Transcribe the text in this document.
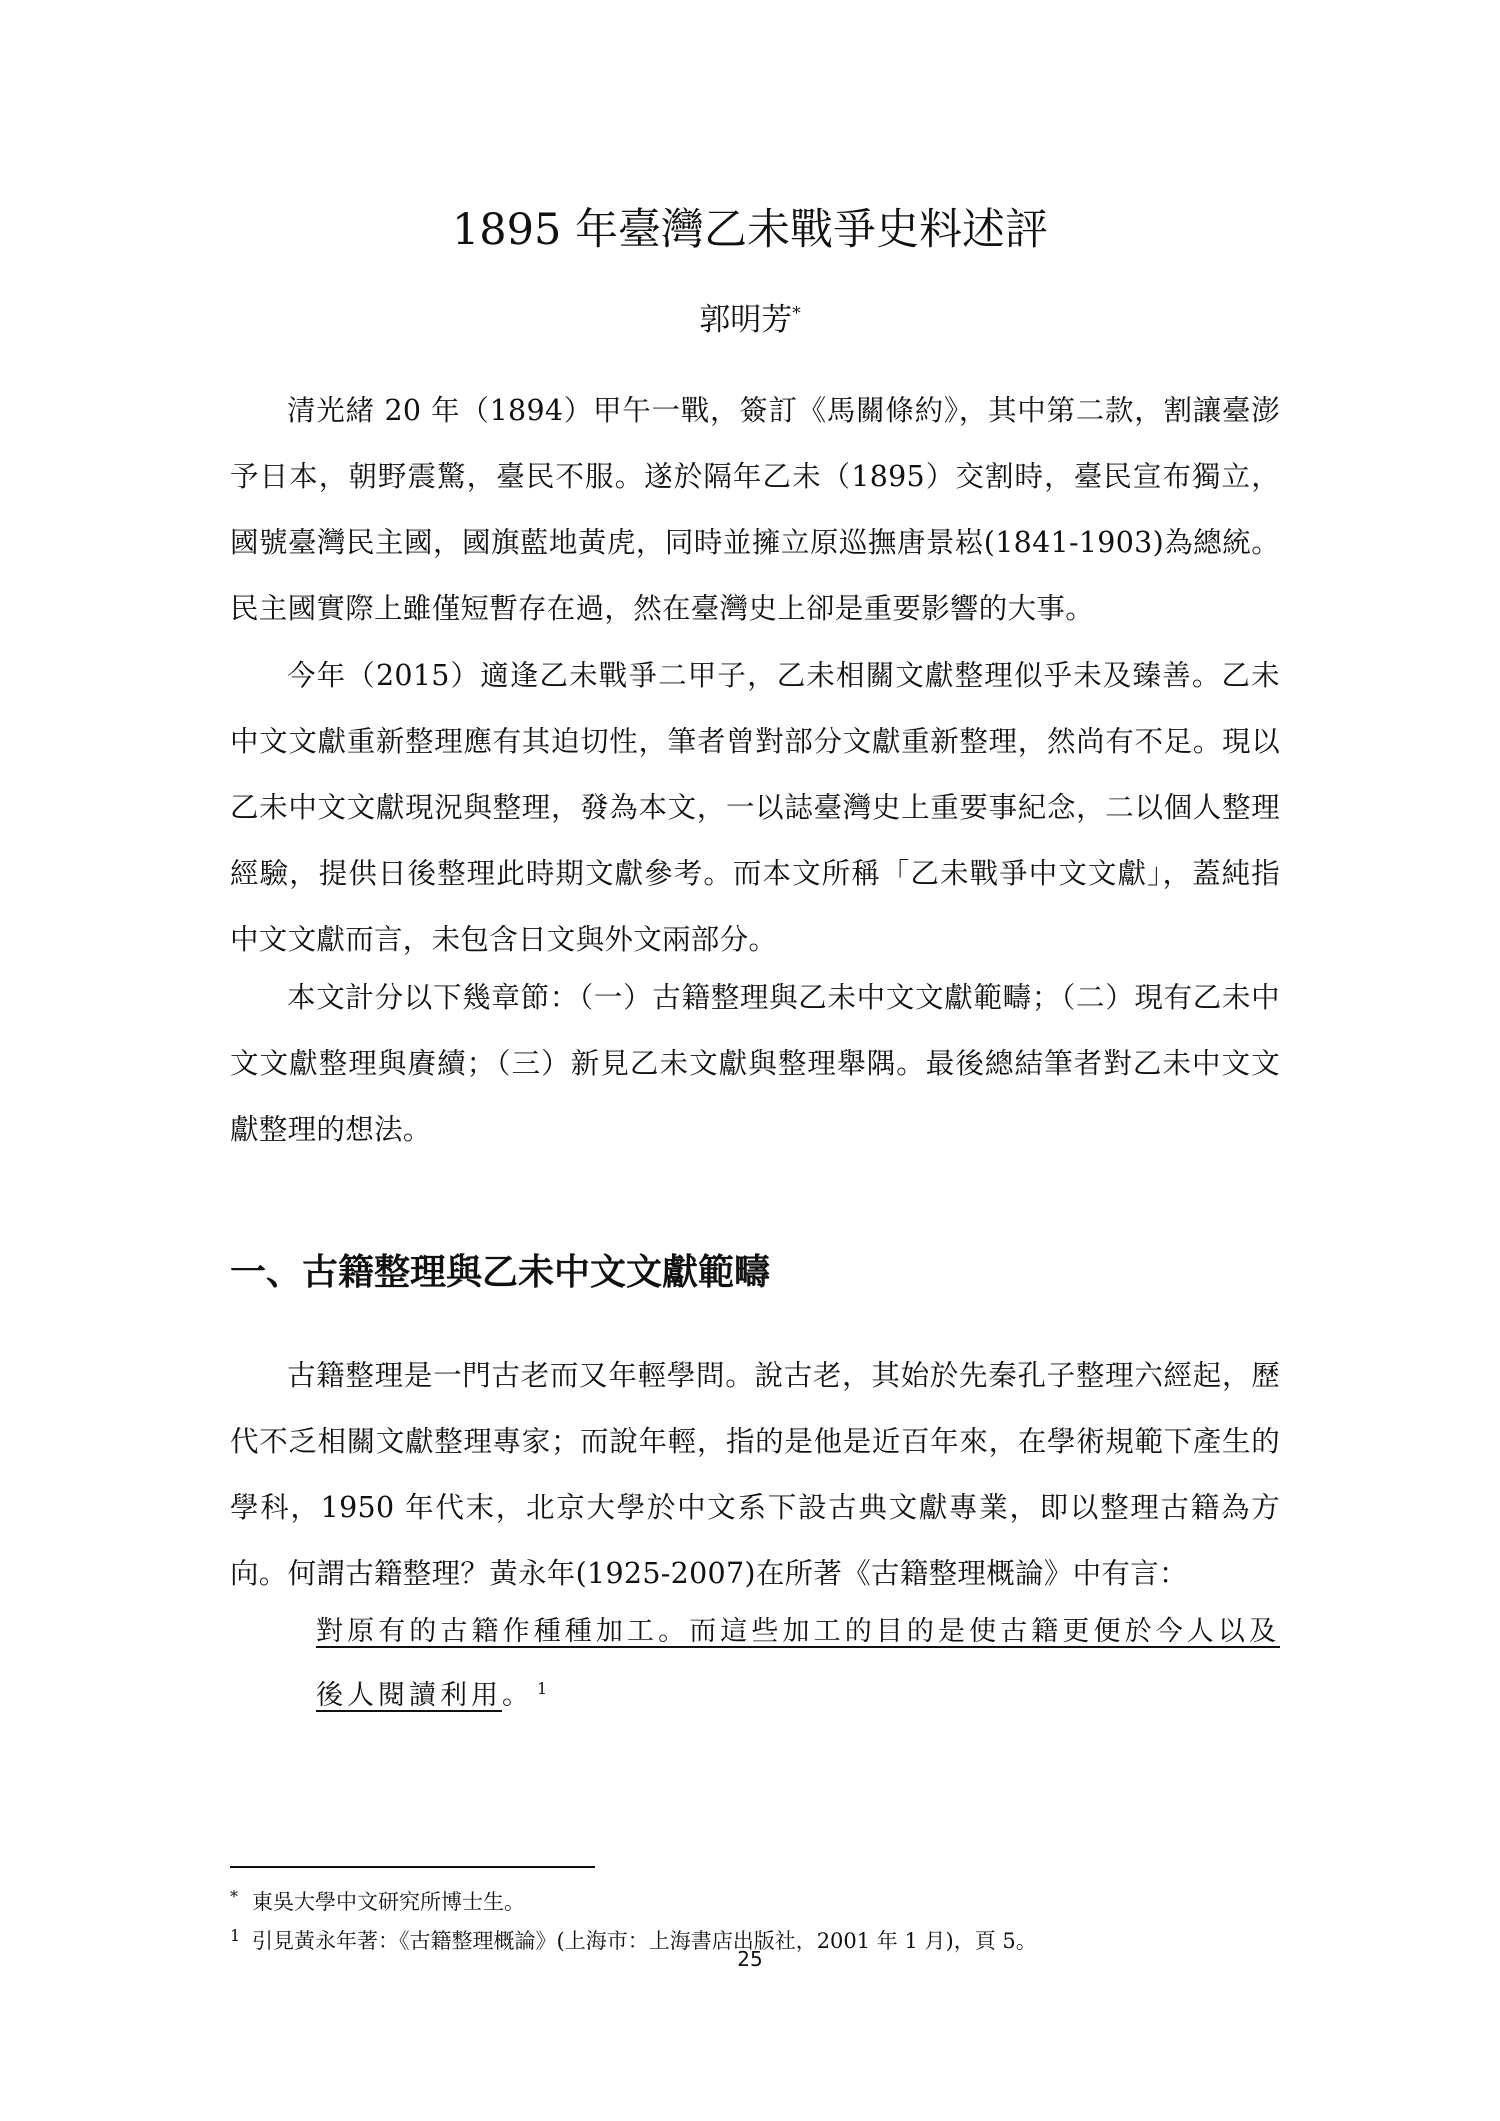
1895 年臺灣乙未戰爭史料述評
郭明芳*

清光緒 20 年（1894）甲午一戰，簽訂《馬關條約》，其中第二款，割讓臺澎予日本，朝野震驚，臺民不服。遂於隔年乙未（1895）交割時，臺民宣布獨立，國號臺灣民主國，國旗藍地黃虎，同時並擁立原巡撫唐景崧(1841-1903)為總統。民主國實際上雖僅短暫存在過，然在臺灣史上卻是重要影響的大事。

今年（2015）適逢乙未戰爭二甲子，乙未相關文獻整理似乎未及臻善。乙未中文文獻重新整理應有其迫切性，筆者曾對部分文獻重新整理，然尚有不足。現以乙未中文文獻現況與整理，發為本文，一以誌臺灣史上重要事紀念，二以個人整理經驗，提供日後整理此時期文獻參考。而本文所稱「乙未戰爭中文文獻」，蓋純指中文文獻而言，未包含日文與外文兩部分。

本文計分以下幾章節：（一）古籍整理與乙未中文文獻範疇；（二）現有乙未中文文獻整理與賡續；（三）新見乙未文獻與整理舉隅。最後總結筆者對乙未中文文獻整理的想法。

一、古籍整理與乙未中文文獻範疇

古籍整理是一門古老而又年輕學問。說古老，其始於先秦孔子整理六經起，歷代不乏相關文獻整理專家；而說年輕，指的是他是近百年來，在學術規範下產生的學科，1950 年代末，北京大學於中文系下設古典文獻專業，即以整理古籍為方向。何謂古籍整理？黃永年(1925-2007)在所著《古籍整理概論》中有言：

對原有的古籍作種種加工。而這些加工的目的是使古籍更便於今人以及後人閱讀利用。 $^1$

* 東吳大學中文研究所博士生。
1 引見黃永年著：《古籍整理概論》(上海市：上海書店出版社，2001 年 1 月)，頁 5。
25
